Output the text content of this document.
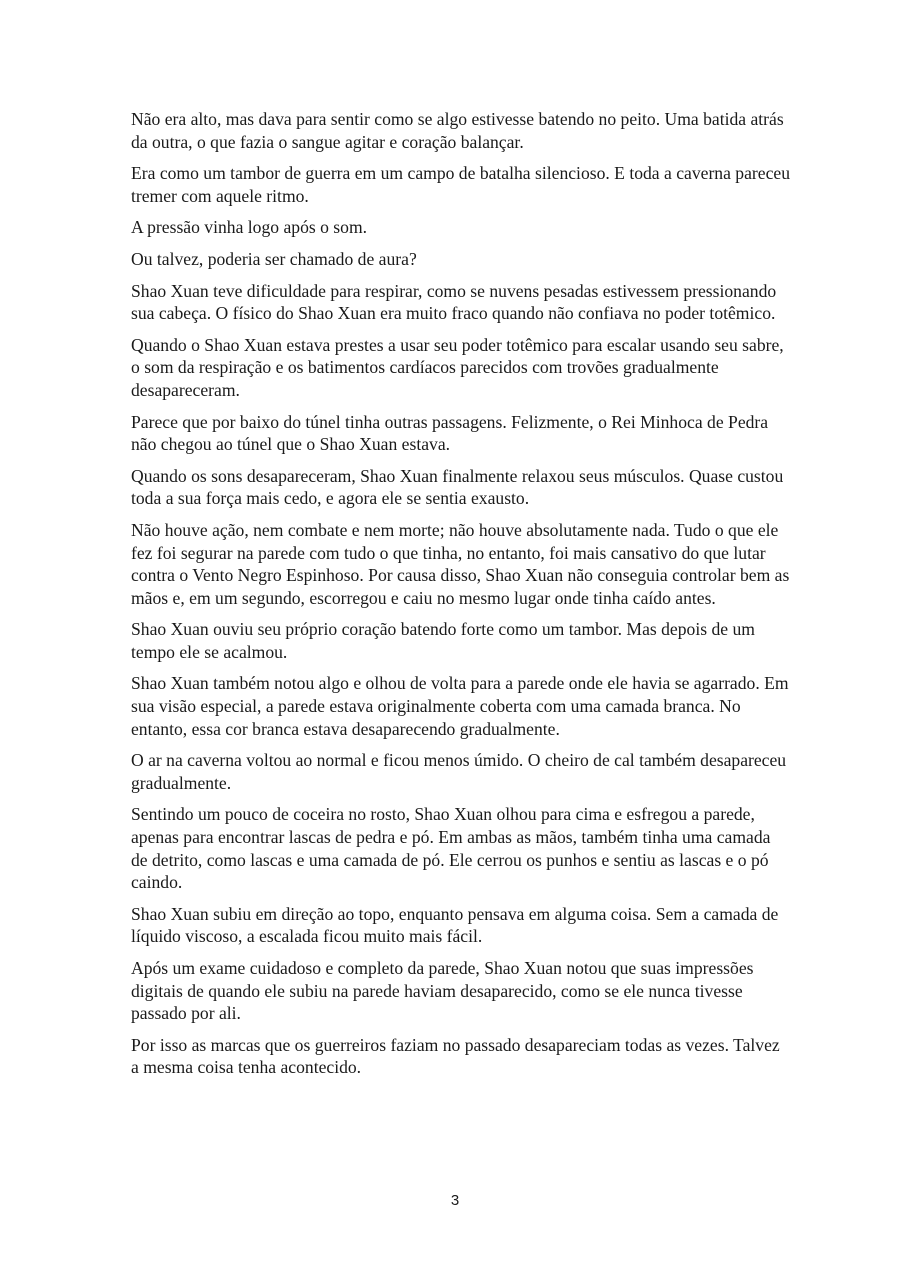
Não era alto, mas dava para sentir como se algo estivesse batendo no peito. Uma batida atrás da outra, o que fazia o sangue agitar e coração balançar.

Era como um tambor de guerra em um campo de batalha silencioso. E toda a caverna pareceu tremer com aquele ritmo.

A pressão vinha logo após o som.

Ou talvez, poderia ser chamado de aura?

Shao Xuan teve dificuldade para respirar, como se nuvens pesadas estivessem pressionando sua cabeça. O físico do Shao Xuan era muito fraco quando não confiava no poder totêmico.

Quando o Shao Xuan estava prestes a usar seu poder totêmico para escalar usando seu sabre, o som da respiração e os batimentos cardíacos parecidos com trovões gradualmente desapareceram.

Parece que por baixo do túnel tinha outras passagens. Felizmente, o Rei Minhoca de Pedra não chegou ao túnel que o Shao Xuan estava.

Quando os sons desapareceram, Shao Xuan finalmente relaxou seus músculos. Quase custou toda a sua força mais cedo, e agora ele se sentia exausto.

Não houve ação, nem combate e nem morte; não houve absolutamente nada. Tudo o que ele fez foi segurar na parede com tudo o que tinha, no entanto, foi mais cansativo do que lutar contra o Vento Negro Espinhoso. Por causa disso, Shao Xuan não conseguia controlar bem as mãos e, em um segundo, escorregou e caiu no mesmo lugar onde tinha caído antes.

Shao Xuan ouviu seu próprio coração batendo forte como um tambor. Mas depois de um tempo ele se acalmou.

Shao Xuan também notou algo e olhou de volta para a parede onde ele havia se agarrado. Em sua visão especial, a parede estava originalmente coberta com uma camada branca. No entanto, essa cor branca estava desaparecendo gradualmente.

O ar na caverna voltou ao normal e ficou menos úmido. O cheiro de cal também desapareceu gradualmente.

Sentindo um pouco de coceira no rosto, Shao Xuan olhou para cima e esfregou a parede, apenas para encontrar lascas de pedra e pó. Em ambas as mãos, também tinha uma camada de detrito, como lascas e uma camada de pó. Ele cerrou os punhos e sentiu as lascas e o pó caindo.

Shao Xuan subiu em direção ao topo, enquanto pensava em alguma coisa. Sem a camada de líquido viscoso, a escalada ficou muito mais fácil.

Após um exame cuidadoso e completo da parede, Shao Xuan notou que suas impressões digitais de quando ele subiu na parede haviam desaparecido, como se ele nunca tivesse passado por ali.

Por isso as marcas que os guerreiros faziam no passado desapareciam todas as vezes. Talvez a mesma coisa tenha acontecido.

3
